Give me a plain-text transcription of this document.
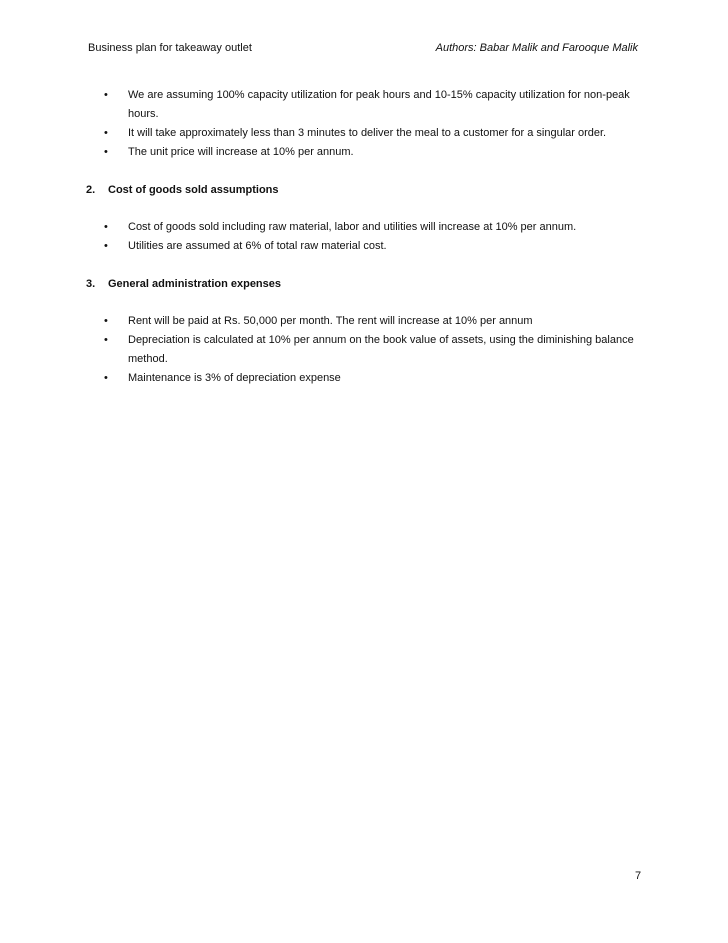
Business plan for takeaway outlet	Authors: Babar Malik and Farooque Malik
• We are assuming 100% capacity utilization for peak hours and 10-15% capacity utilization for non-peak hours.
• It will take approximately less than 3 minutes to deliver the meal to a customer for a singular order.
• The unit price will increase at 10% per annum.

2. Cost of goods sold assumptions

• Cost of goods sold including raw material, labor and utilities will increase at 10% per annum.
• Utilities are assumed at 6% of total raw material cost.

3. General administration expenses

• Rent will be paid at Rs. 50,000 per month. The rent will increase at 10% per annum
• Depreciation is calculated at 10% per annum on the book value of assets, using the diminishing balance method.
• Maintenance is 3% of depreciation expense
7
